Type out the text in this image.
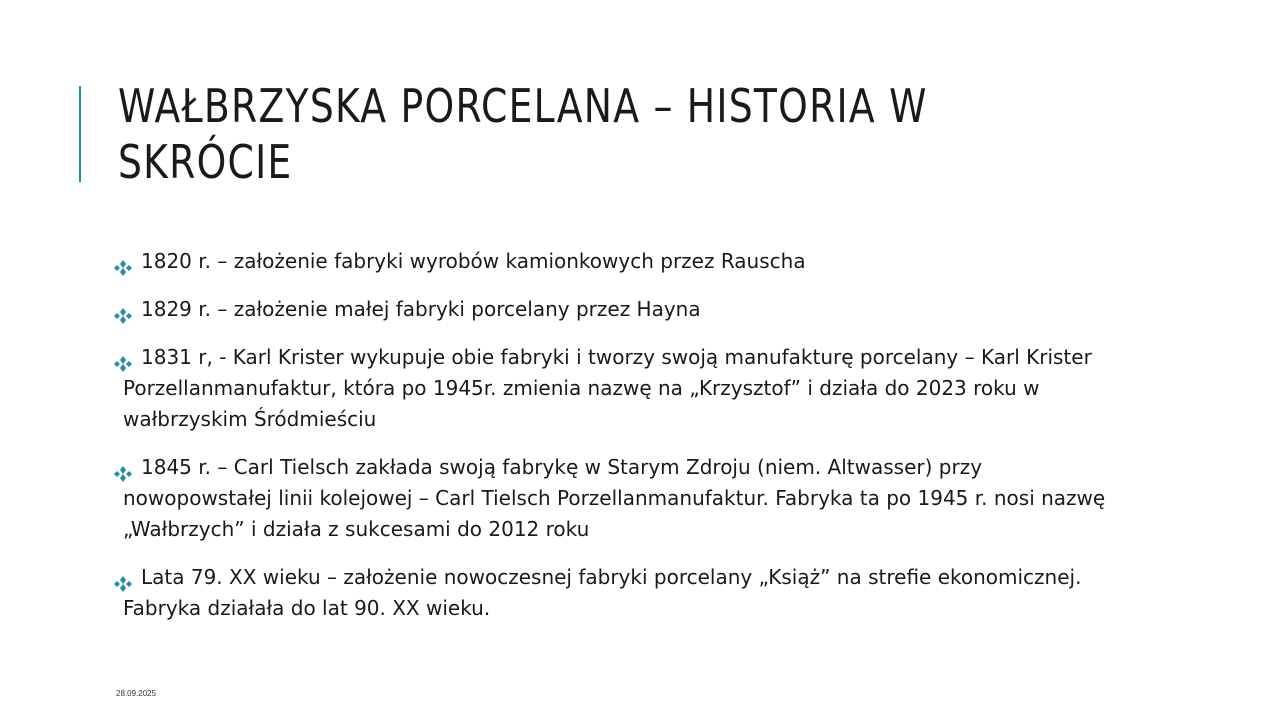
WAŁBRZYSKA PORCELANA – HISTORIA W SKRÓCIE
1820 r. – założenie fabryki wyrobów kamionkowych przez Rauscha
1829 r. – założenie małej fabryki porcelany przez Hayna
1831 r, - Karl Krister wykupuje obie fabryki i tworzy swoją manufakturę porcelany – Karl Krister Porzellanmanufaktur, która po 1945r. zmienia nazwę na „Krzysztof” i działa do 2023 roku w wałbrzyskim Śródmieściu
1845 r. – Carl Tielsch zakłada swoją fabrykę w Starym Zdroju (niem. Altwasser) przy nowopowstałej linii kolejowej – Carl Tielsch Porzellanmanufaktur. Fabryka ta po 1945 r. nosi nazwę „Wałbrzych” i działa z sukcesami do 2012 roku
Lata 79. XX wieku – założenie nowoczesnej fabryki porcelany „Książ” na strefie ekonomicznej. Fabryka działała do lat 90. XX wieku.
28.09.2025
